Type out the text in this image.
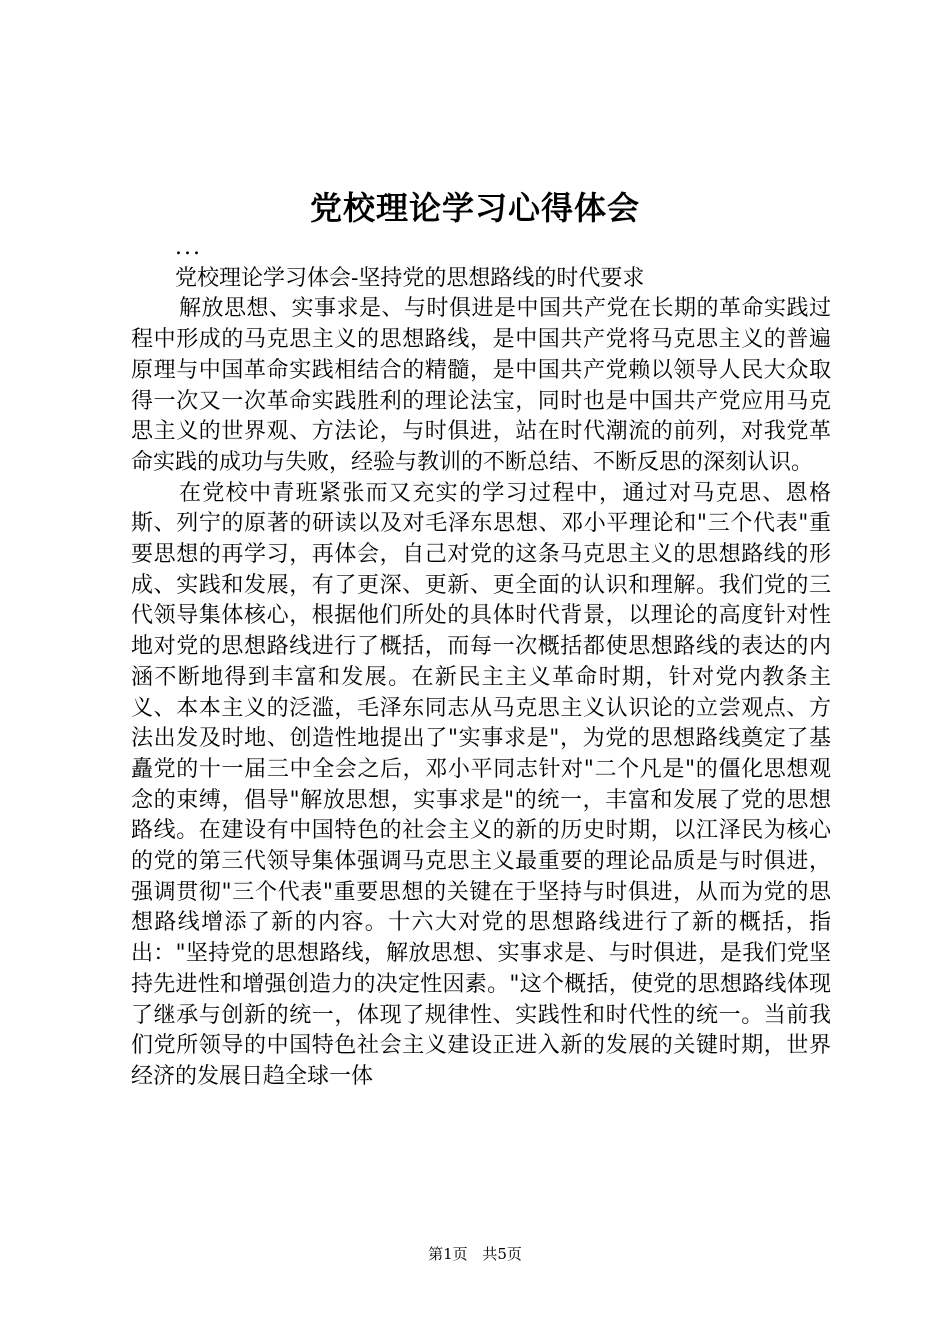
党校理论学习心得体会

...

党校理论学习体会-坚持党的思想路线的时代要求

解放思想、实事求是、与时俱进是中国共产党在长期的革命实践过程中形成的马克思主义的思想路线，是中国共产党将马克思主义的普遍原理与中国革命实践相结合的精髓，是中国共产党赖以领导人民大众取得一次又一次革命实践胜利的理论法宝，同时也是中国共产党应用马克思主义的世界观、方法论，与时俱进，站在时代潮流的前列，对我党革命实践的成功与失败，经验与教训的不断总结、不断反思的深刻认识。

在党校中青班紧张而又充实的学习过程中，通过对马克思、恩格斯、列宁的原著的研读以及对毛泽东思想、邓小平理论和"三个代表"重要思想的再学习，再体会，自己对党的这条马克思主义的思想路线的形成、实践和发展，有了更深、更新、更全面的认识和理解。我们党的三代领导集体核心，根据他们所处的具体时代背景，以理论的高度针对性地对党的思想路线进行了概括，而每一次概括都使思想路线的表达的内涵不断地得到丰富和发展。在新民主主义革命时期，针对党内教条主义、本本主义的泛滥，毛泽东同志从马克思主义认识论的立尝观点、方法出发及时地、创造性地提出了"实事求是"，为党的思想路线奠定了基矗党的十一届三中全会之后，邓小平同志针对"二个凡是"的僵化思想观念的束缚，倡导"解放思想，实事求是"的统一，丰富和发展了党的思想路线。在建设有中国特色的社会主义的新的历史时期，以江泽民为核心的党的第三代领导集体强调马克思主义最重要的理论品质是与时俱进，强调贯彻"三个代表"重要思想的关键在于坚持与时俱进，从而为党的思想路线增添了新的内容。十六大对党的思想路线进行了新的概括，指出："坚持党的思想路线，解放思想、实事求是、与时俱进，是我们党坚持先进性和增强创造力的决定性因素。"这个概括，使党的思想路线体现了继承与创新的统一，体现了规律性、实践性和时代性的统一。当前我们党所领导的中国特色社会主义建设正进入新的发展的关键时期，世界经济的发展日趋全球一体

第1页 共5页
